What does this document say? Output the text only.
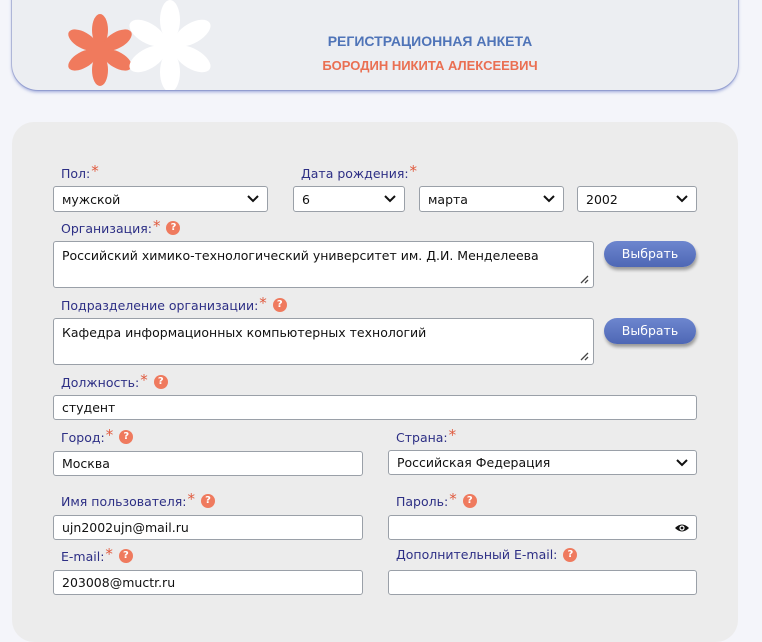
РЕГИСТРАЦИОННАЯ АНКЕТА
БОРОДИН НИКИТА АЛЕКСЕЕВИЧ
Пол: *	Дата рождения: *
мужской	6	марта	2002
Организация: *	?
Российский химико-технологический университет им. Д.И. Менделеева	Выбрать
Подразделение организации: *	?
Кафедра информационных компьютерных технологий	Выбрать
Должность: *	?
студент
Город: *	?	Страна: *
Москва	Российская Федерация
Имя пользователя: *	?	Пароль: *	?
ujn2002ujn@mail.ru
E-mail: *	?	Дополнительный E-mail:	?
203008@muctr.ru
